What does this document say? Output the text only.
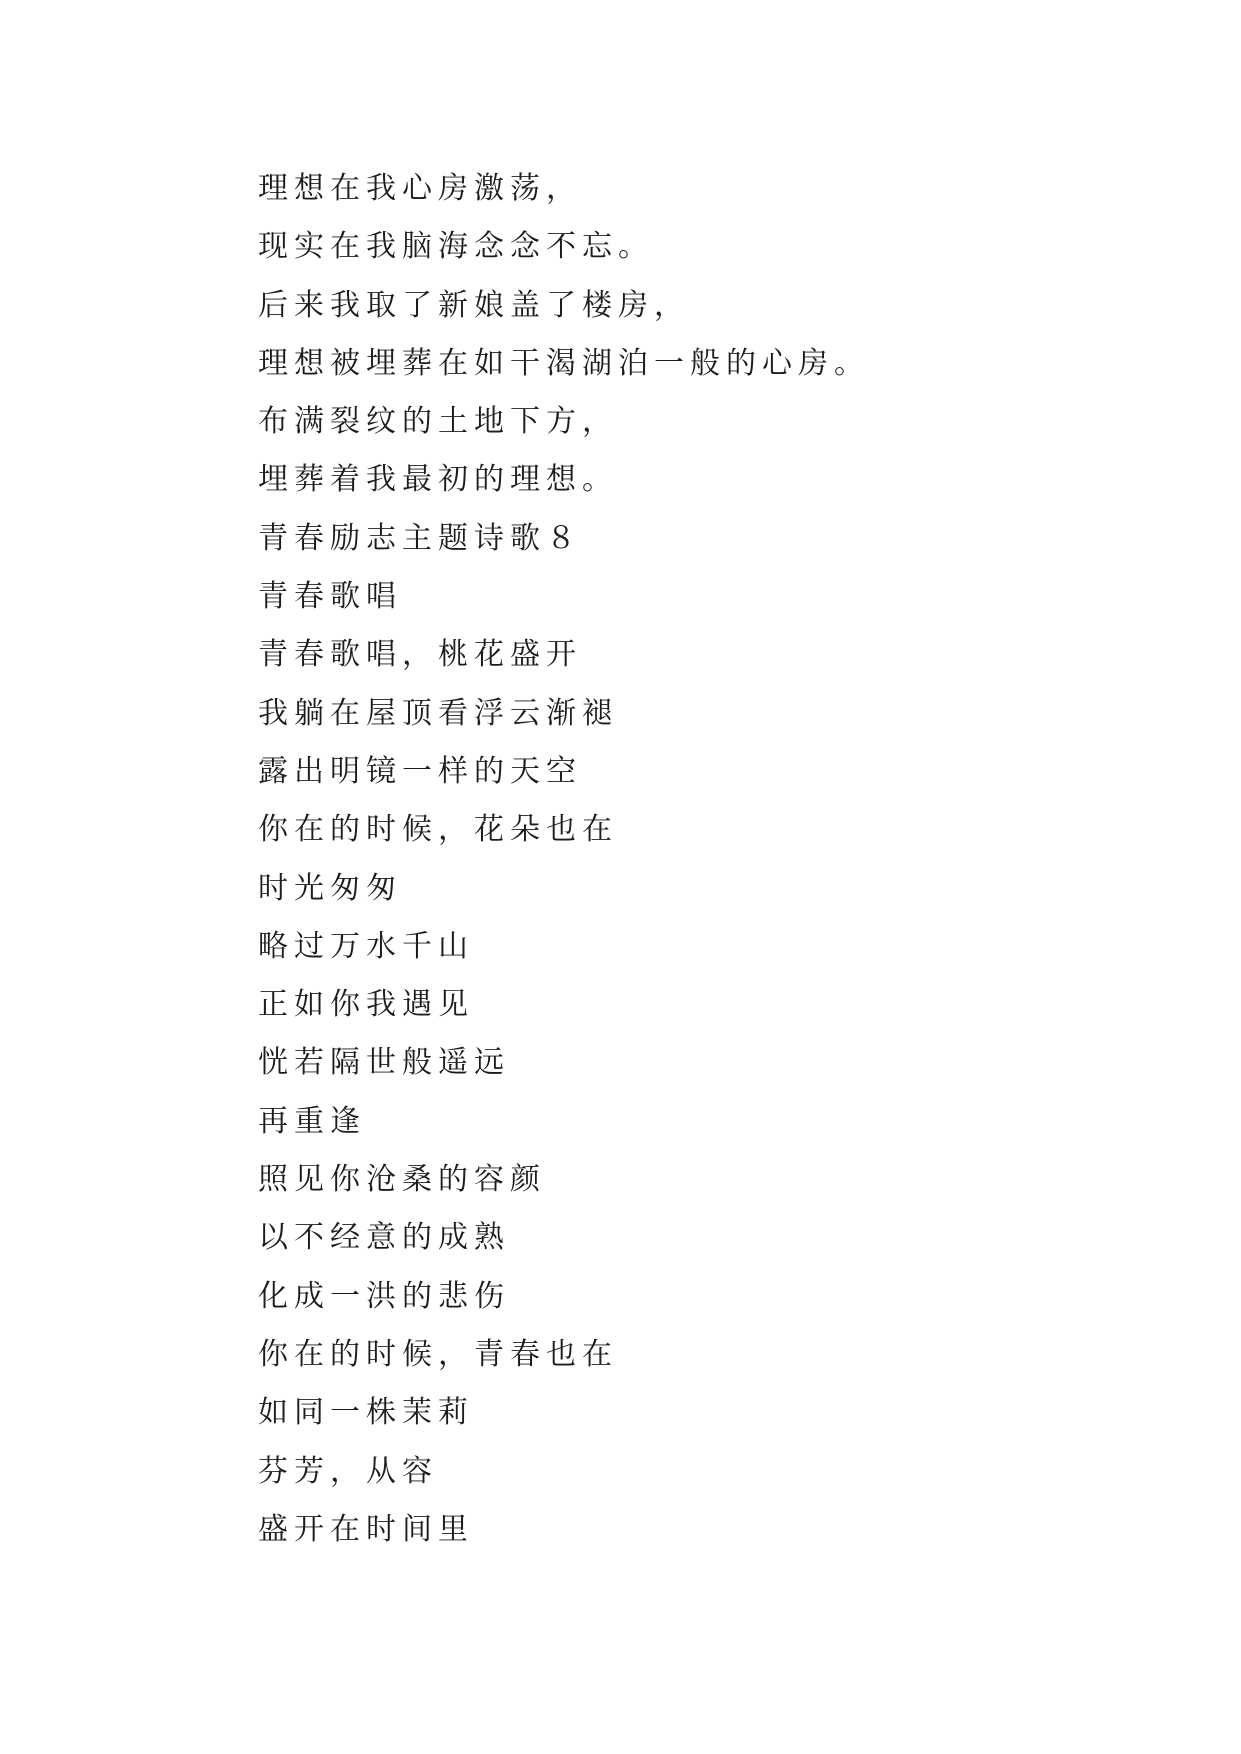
理想在我心房激荡，
现实在我脑海念念不忘。
后来我取了新娘盖了楼房，
理想被埋葬在如干渴湖泊一般的心房。
布满裂纹的土地下方，
埋葬着我最初的理想。
青春励志主题诗歌８
青春歌唱
青春歌唱，桃花盛开
我躺在屋顶看浮云渐褪
露出明镜一样的天空
你在的时候，花朵也在
时光匆匆
略过万水千山
正如你我遇见
恍若隔世般遥远
再重逢
照见你沧桑的容颜
以不经意的成熟
化成一洪的悲伤
你在的时候，青春也在
如同一株茉莉
芬芳，从容
盛开在时间里
